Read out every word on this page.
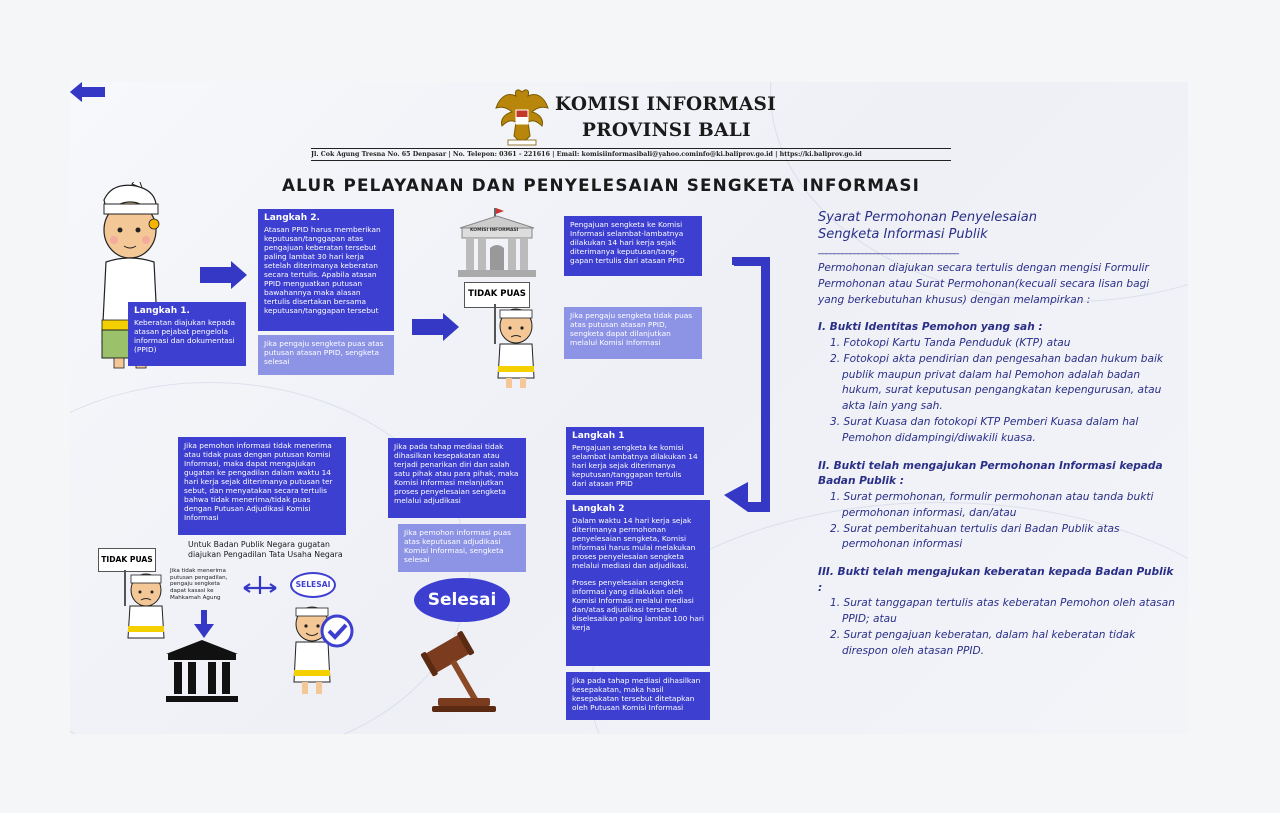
KOMISI INFORMASI
PROVINSI BALI
Jl. Cok Agung Tresna No. 65 Denpasar | No. Telepon: 0361 - 221616 | Email: komisiinformasibali@yahoo.cominfo@ki.baliprov.go.id | https://ki.baliprov.go.id
ALUR PELAYANAN DAN PENYELESAIAN SENGKETA INFORMASI
Langkah 1.
Keberatan diajukan kepada atasan pejabat pengelola informasi dan dokumentasi (PPID)
Langkah 2.
Atasan PPID harus memberikan keputusan/tanggapan atas pengajuan keberatan tersebut paling lambat 30 hari kerja setelah diterimanya keberatan secara tertulis. Apabila atasan PPID menguatkan putusan bawahannya maka alasan tertulis disertakan bersama keputusan/tanggapan tersebut
Jika pengaju sengketa puas atas putusan atasan PPID, sengketa selesai
KOMISI INFORMASI
TIDAK PUAS
Pengajuan sengketa ke Komisi Informasi selambat-lambatnya dilakukan 14 hari kerja sejak diterimanya keputusan/tang-gapan tertulis dari atasan PPID
Jika pengaju sengketa tidak puas atas putusan atasan PPID, sengketa dapat dilanjutkan melalui Komisi Informasi
Langkah 1
Pengajuan sengketa ke komisi selambat lambatnya dilakukan 14 hari kerja sejak diterimanya keputusan/tanggapan tertulis dari atasan PPID
Langkah 2
Dalam waktu 14 hari kerja sejak diterimanya permohonan penyelesaian sengketa, Komisi Informasi harus mulai melakukan proses penyelesaian sengketa melalui mediasi dan adjudikasi.
Proses penyelesaian sengketa informasi yang dilakukan oleh Komisi Informasi melalui mediasi dan/atas adjudikasi tersebut diselesaikan paling lambat 100 hari kerja
Jika pada tahap mediasi dihasilkan kesepakatan, maka hasil kesepakatan tersebut ditetapkan oleh Putusan Komisi Informasi
Jika pada tahap mediasi tidak dihasilkan kesepakatan atau terjadi penarikan diri dan salah satu pihak atau para pihak, maka Komisi Informasi melanjutkan proses penyelesaian sengketa melalui adjudikasi
Jika pemohon informasi puas atas keputusan adjudikasi Komisi Informasi, sengketa selesai
Selesai
Jika pemohon informasi tidak menerima atau tidak puas dengan putusan Komisi Informasi, maka dapat mengajukan gugatan ke pengadilan dalam waktu 14 hari kerja sejak diterimanya putusan ter sebut, dan menyatakan secara tertulis bahwa tidak menerima/tidak puas dengan Putusan Adjudikasi Komisi Informasi
Untuk Badan Publik Negara gugatan diajukan Pengadilan Tata Usaha Negara
TIDAK PUAS
Jika tidak menerima putusan pengadilan, pengaju sengketa dapat kasasi ke Mahkamah Agung
SELESAI
Syarat Permohonan Penyelesaian
Sengketa Informasi Publik
___________________________________
Permohonan diajukan secara tertulis dengan mengisi Formulir Permohonan atau Surat Permohonan(kecuali secara lisan bagi yang berkebutuhan khusus) dengan melampirkan :
I. Bukti Identitas Pemohon yang sah :
1. Fotokopi Kartu Tanda Penduduk (KTP) atau
2. Fotokopi akta pendirian dan pengesahan badan hukum baik publik maupun privat dalam hal Pemohon adalah badan hukum, surat keputusan pengangkatan kepengurusan, atau akta lain yang sah.
3. Surat Kuasa dan fotokopi KTP Pemberi Kuasa dalam hal Pemohon didampingi/diwakili kuasa.
II. Bukti telah mengajukan Permohonan Informasi kepada Badan Publik :
1. Surat permohonan, formulir permohonan atau tanda bukti permohonan informasi, dan/atau
2. Surat pemberitahuan tertulis dari Badan Publik atas permohonan informasi
III. Bukti telah mengajukan keberatan kepada Badan Publik :
1. Surat tanggapan tertulis atas keberatan Pemohon oleh atasan PPID; atau
2. Surat pengajuan keberatan, dalam hal keberatan tidak direspon oleh atasan PPID.
